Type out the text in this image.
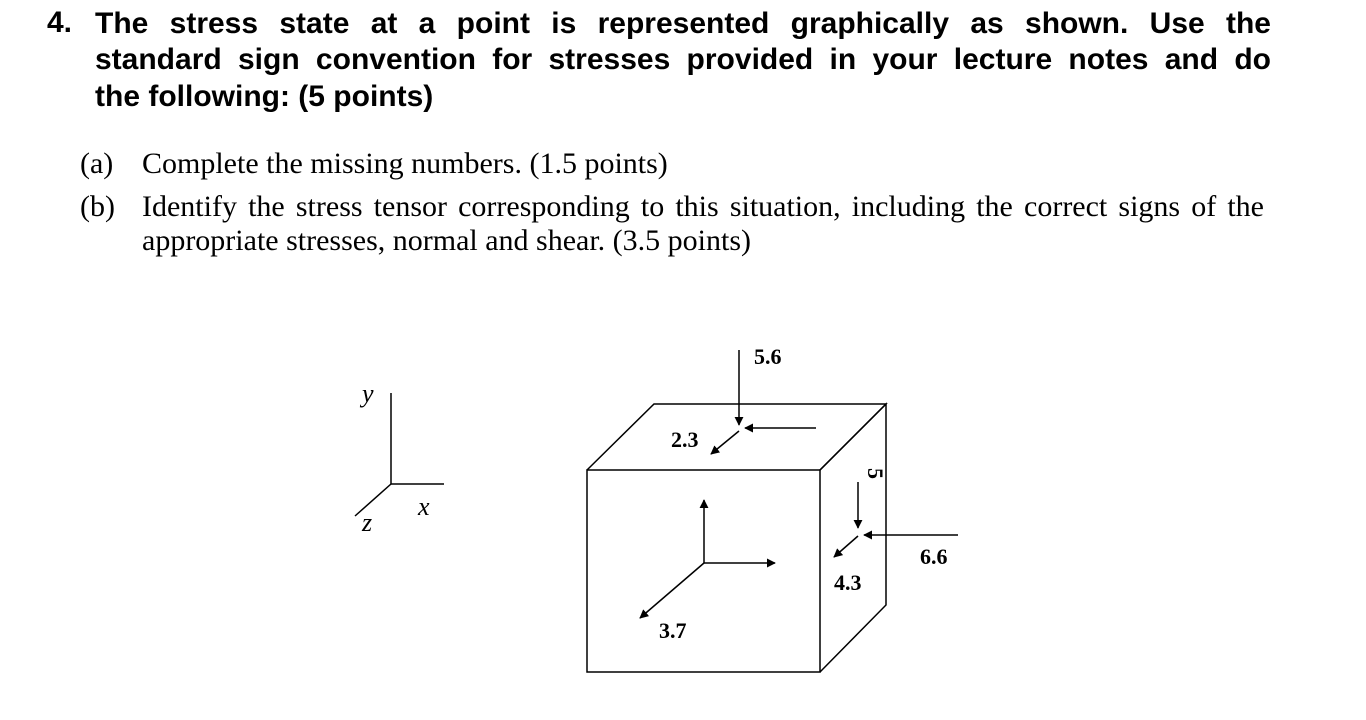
4. The stress state at a point is represented graphically as shown. Use the
standard sign convention for stresses provided in your lecture notes and do
the following: (5 points)
(a) Complete the missing numbers. (1.5 points)
(b) Identify the stress tensor corresponding to this situation, including the correct signs of the
appropriate stresses, normal and shear. (3.5 points)
y
x
z
5.6
2.3
5
6.6
4.3
3.7
